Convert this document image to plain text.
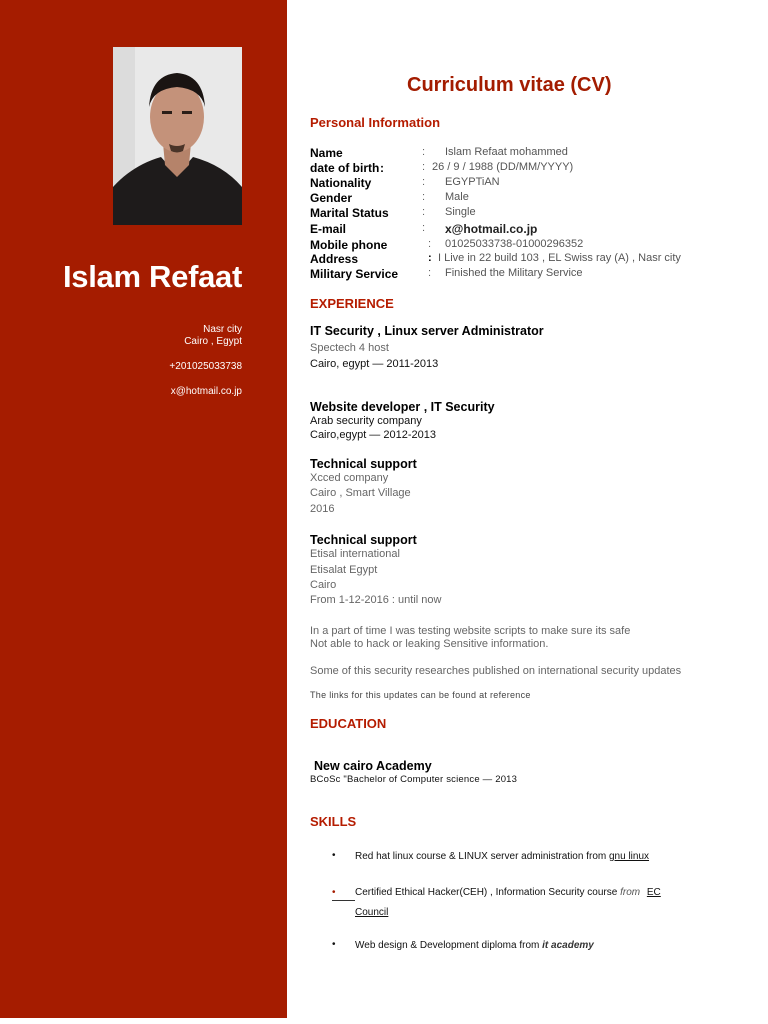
Islam Refaat
Nasr city
Cairo , Egypt
+201025033738
x@hotmail.co.jp
Curriculum vitae (CV)
Personal Information
Name	: Islam Refaat mohammed
date of birth :	: 26 / 9 / 1988 (DD/MM/YYYY)
Nationality	: EGYPTiAN
Gender	: Male
Marital Status	: Single
E-mail	: x@hotmail.co.jp
Mobile phone	: 01025033738-01000296352
Address	: I Live in 22 build 103 , EL Swiss ray (A) , Nasr city
Military Service	: Finished the Military Service
EXPERIENCE
IT Security , Linux server Administrator
Spectech 4 host
Cairo, egypt — 2011-2013
Website developer , IT Security
Arab security company
Cairo,egypt — 2012-2013
Technical support
Xcced company
Cairo , Smart Village
2016
Technical support
Etisal international
Etisalat Egypt
Cairo
From 1-12-2016 : until now
In a part of time I was testing website scripts to make sure its safe
Not able to hack or leaking Sensitive information.
Some of this security researches published on international security updates
The links for this updates can be found at reference
EDUCATION
New cairo Academy
BCoSc "Bachelor of Computer science — 2013
SKILLS
• Red hat linux course & LINUX server administration from gnu linux
• Certified Ethical Hacker(CEH) , Information Security course from EC
Council
• Web design & Development diploma from it academy
